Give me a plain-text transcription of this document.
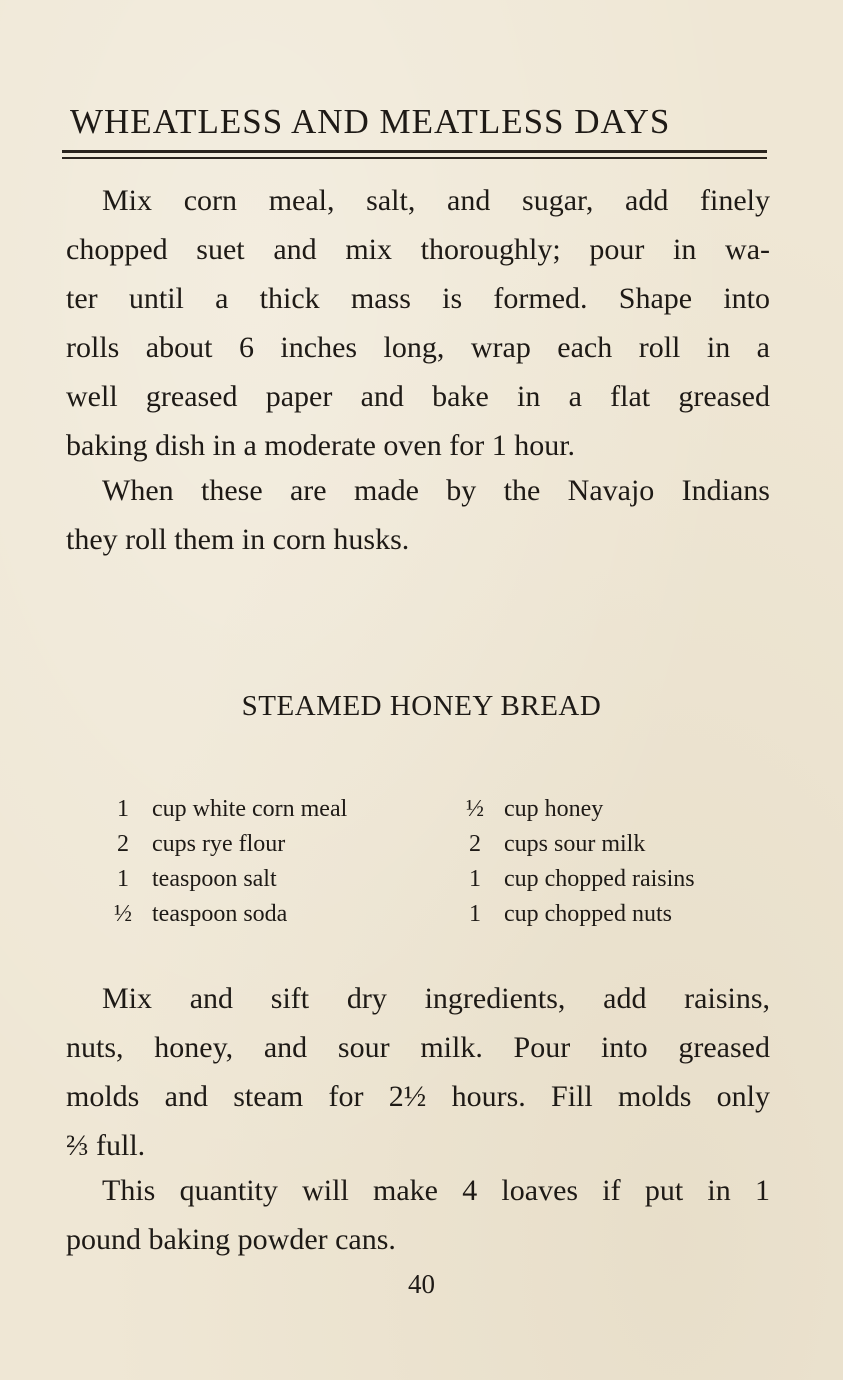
WHEATLESS AND MEATLESS DAYS

Mix corn meal, salt, and sugar, add finely
chopped suet and mix thoroughly; pour in wa-
ter until a thick mass is formed. Shape into
rolls about 6 inches long, wrap each roll in a
well greased paper and bake in a flat greased
baking dish in a moderate oven for 1 hour.

When these are made by the Navajo Indians
they roll them in corn husks.

STEAMED HONEY BREAD
1 cup white corn meal
2 cups rye flour
1 teaspoon salt
½ teaspoon soda
½ cup honey
2 cups sour milk
1 cup chopped raisins
1 cup chopped nuts

Mix and sift dry ingredients, add raisins,
nuts, honey, and sour milk. Pour into greased
molds and steam for 2½ hours. Fill molds only
⅔ full.

This quantity will make 4 loaves if put in 1
pound baking powder cans.

40
